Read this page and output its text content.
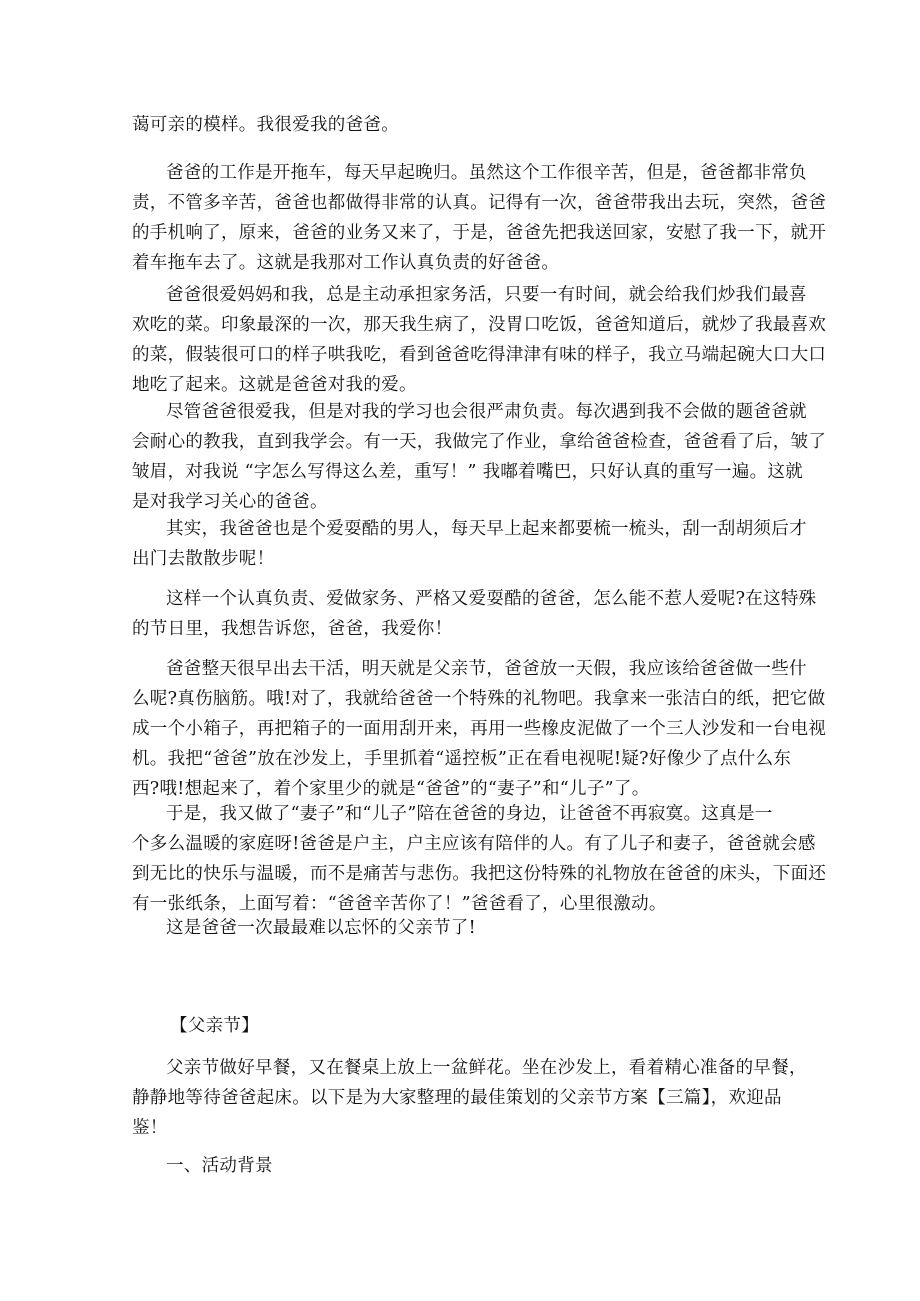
蔼可亲的模样。我很爱我的爸爸。

爸爸的工作是开拖车，每天早起晚归。虽然这个工作很辛苦，但是，爸爸都非常负
责，不管多辛苦，爸爸也都做得非常的认真。记得有一次，爸爸带我出去玩，突然，爸爸
的手机响了，原来，爸爸的业务又来了，于是，爸爸先把我送回家，安慰了我一下，就开
着车拖车去了。这就是我那对工作认真负责的好爸爸。

爸爸很爱妈妈和我，总是主动承担家务活，只要一有时间，就会给我们炒我们最喜
欢吃的菜。印象最深的一次，那天我生病了，没胃口吃饭，爸爸知道后，就炒了我最喜欢
的菜，假装很可口的样子哄我吃，看到爸爸吃得津津有味的样子，我立马端起碗大口大口
地吃了起来。这就是爸爸对我的爱。

尽管爸爸很爱我，但是对我的学习也会很严肃负责。每次遇到我不会做的题爸爸就
会耐心的教我，直到我学会。有一天，我做完了作业，拿给爸爸检查，爸爸看了后，皱了
皱眉，对我说 “字怎么写得这么差，重写！” 我嘟着嘴巴，只好认真的重写一遍。这就
是对我学习关心的爸爸。

其实，我爸爸也是个爱耍酷的男人，每天早上起来都要梳一梳头，刮一刮胡须后才
出门去散散步呢！

这样一个认真负责、爱做家务、严格又爱耍酷的爸爸，怎么能不惹人爱呢?在这特殊
的节日里，我想告诉您，爸爸，我爱你！

爸爸整天很早出去干活，明天就是父亲节，爸爸放一天假，我应该给爸爸做一些什
么呢?真伤脑筋。哦!对了，我就给爸爸一个特殊的礼物吧。我拿来一张洁白的纸，把它做
成一个小箱子，再把箱子的一面用刮开来，再用一些橡皮泥做了一个三人沙发和一台电视
机。我把“爸爸”放在沙发上，手里抓着“遥控板”正在看电视呢!疑?好像少了点什么东
西?哦!想起来了，着个家里少的就是“爸爸”的“妻子”和“儿子”了。

于是，我又做了“妻子”和“儿子”陪在爸爸的身边，让爸爸不再寂寞。这真是一
个多么温暖的家庭呀!爸爸是户主，户主应该有陪伴的人。有了儿子和妻子，爸爸就会感
到无比的快乐与温暖，而不是痛苦与悲伤。我把这份特殊的礼物放在爸爸的床头，下面还
有一张纸条，上面写着：“爸爸辛苦你了！”爸爸看了，心里很激动。

这是爸爸一次最最难以忘怀的父亲节了!

【父亲节】

父亲节做好早餐，又在餐桌上放上一盆鲜花。坐在沙发上，看着精心准备的早餐，
静静地等待爸爸起床。以下是为大家整理的最佳策划的父亲节方案【三篇】，欢迎品
鉴！

一、活动背景
